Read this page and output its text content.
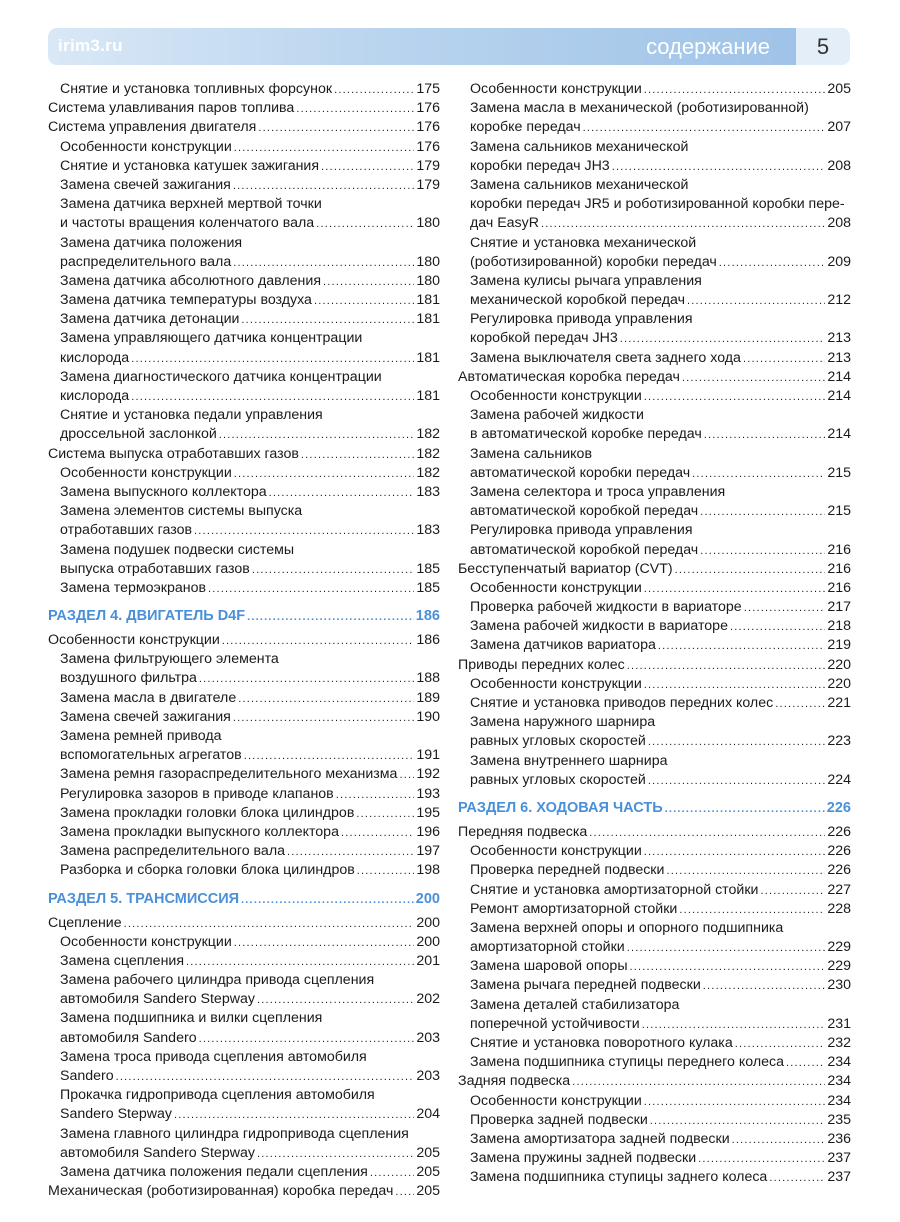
irim3.ru	содержание	5
Снятие и установка топливных форсунок .....	175
Система улавливания паров топлива .....	176
Система управления двигателя .....	176
Особенности конструкции .....	176
Снятие и установка катушек зажигания .....	179
Замена свечей зажигания .....	179
Замена датчика верхней мертвой точки
и частоты вращения коленчатого вала .....	180
Замена датчика положения
распределительного вала .....	180
Замена датчика абсолютного давления .....	180
Замена датчика температуры воздуха .....	181
Замена датчика детонации .....	181
Замена управляющего датчика концентрации
кислорода .....	181
Замена диагностического датчика концентрации
кислорода .....	181
Снятие и установка педали управления
дроссельной заслонкой .....	182
Система выпуска отработавших газов .....	182
Особенности конструкции .....	182
Замена выпускного коллектора .....	183
Замена элементов системы выпуска
отработавших газов .....	183
Замена подушек подвески системы
выпуска отработавших газов .....	185
Замена термоэкранов .....	185
РАЗДЕЛ 4. ДВИГАТЕЛЬ D4F .....	186
Особенности конструкции .....	186
Замена фильтрующего элемента
воздушного фильтра .....	188
Замена масла в двигателе .....	189
Замена свечей зажигания .....	190
Замена ремней привода
вспомогательных агрегатов .....	191
Замена ремня газораспределительного механизма ..... 192
Регулировка зазоров в приводе клапанов .....	193
Замена прокладки головки блока цилиндров .....	195
Замена прокладки выпускного коллектора .....	196
Замена распределительного вала .....	197
Разборка и сборка головки блока цилиндров .....	198
РАЗДЕЛ 5. ТРАНСМИССИЯ .....	200
Сцепление .....	200
Особенности конструкции .....	200
Замена сцепления .....	201
Замена рабочего цилиндра привода сцепления
автомобиля Sandero Stepway .....	202
Замена подшипника и вилки сцепления
автомобиля Sandero .....	203
Замена троса привода сцепления автомобиля
Sandero .....	203
Прокачка гидропривода сцепления автомобиля
Sandero Stepway .....	204
Замена главного цилиндра гидропривода сцепления
автомобиля Sandero Stepway .....	205
Замена датчика положения педали сцепления .....	205
Механическая (роботизированная) коробка передач ..... 205
Особенности конструкции .....	205
Замена масла в механической (роботизированной)
коробке передач .....	207
Замена сальников механической
коробки передач JH3 .....	208
Замена сальников механической
коробки передач JR5 и роботизированной коробки пере-
дач EasyR .....	208
Снятие и установка механической
(роботизированной) коробки передач .....	209
Замена кулисы рычага управления
механической коробкой передач .....	212
Регулировка привода управления
коробкой передач JH3 .....	213
Замена выключателя света заднего хода .....	213
Автоматическая коробка передач .....	214
Особенности конструкции .....	214
Замена рабочей жидкости
в автоматической коробке передач .....	214
Замена сальников
автоматической коробки передач .....	215
Замена селектора и троса управления
автоматической коробкой передач .....	215
Регулировка привода управления
автоматической коробкой передач .....	216
Бесступенчатый вариатор (CVT) .....	216
Особенности конструкции .....	216
Проверка рабочей жидкости в вариаторе .....	217
Замена рабочей жидкости в вариаторе .....	218
Замена датчиков вариатора .....	219
Приводы передних колес .....	220
Особенности конструкции .....	220
Снятие и установка приводов передних колес .....	221
Замена наружного шарнира
равных угловых скоростей .....	223
Замена внутреннего шарнира
равных угловых скоростей .....	224
РАЗДЕЛ 6. ХОДОВАЯ ЧАСТЬ .....	226
Передняя подвеска .....	226
Особенности конструкции .....	226
Проверка передней подвески .....	226
Снятие и установка амортизаторной стойки .....	227
Ремонт амортизаторной стойки .....	228
Замена верхней опоры и опорного подшипника
амортизаторной стойки .....	229
Замена шаровой опоры .....	229
Замена рычага передней подвески .....	230
Замена деталей стабилизатора
поперечной устойчивости .....	231
Снятие и установка поворотного кулака .....	232
Замена подшипника ступицы переднего колеса .....	234
Задняя подвеска .....	234
Особенности конструкции .....	234
Проверка задней подвески .....	235
Замена амортизатора задней подвески .....	236
Замена пружины задней подвески .....	237
Замена подшипника ступицы заднего колеса .....	237
